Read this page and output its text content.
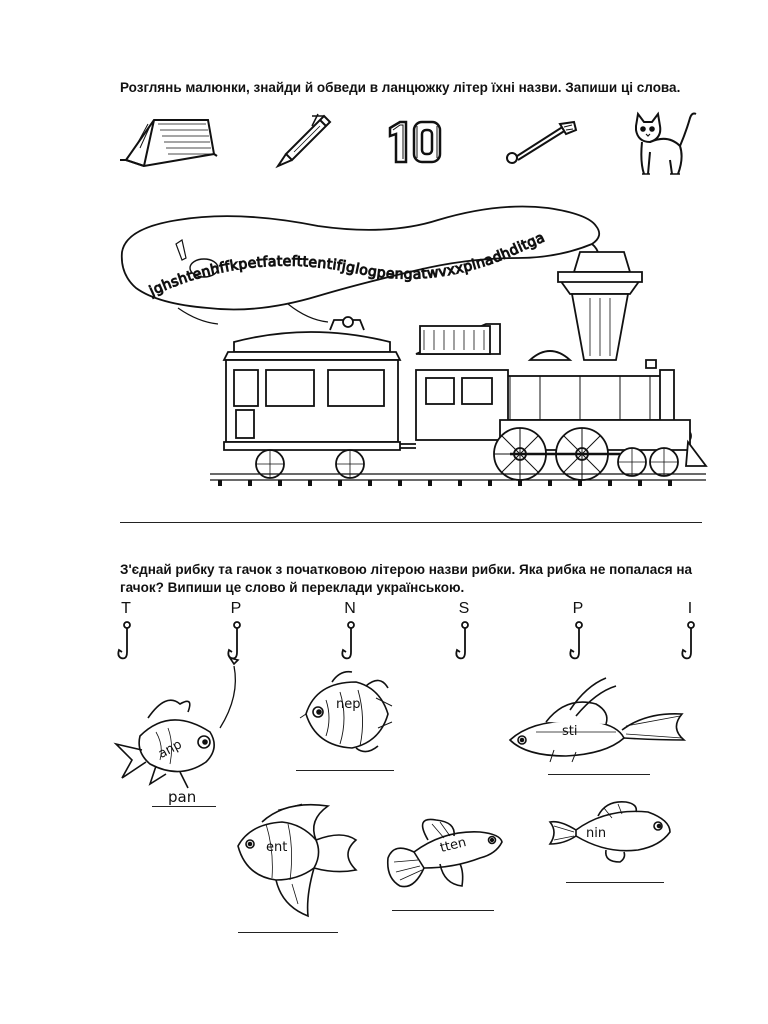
Розглянь малюнки, знайди й обведи в ланцюжку літер їхні назви. Запиши ці слова.
jghshtenhffkpetfatefttentifjglogpengatwvxxpinadhditga
З'єднай рибку та гачок з початковою літерою назви рибки. Яка рибка не попалася на
гачок? Випиши це слово й переклади українською.
T	P	N	S	P	I
anp
pan
nep
sti
ent	tten
nin
